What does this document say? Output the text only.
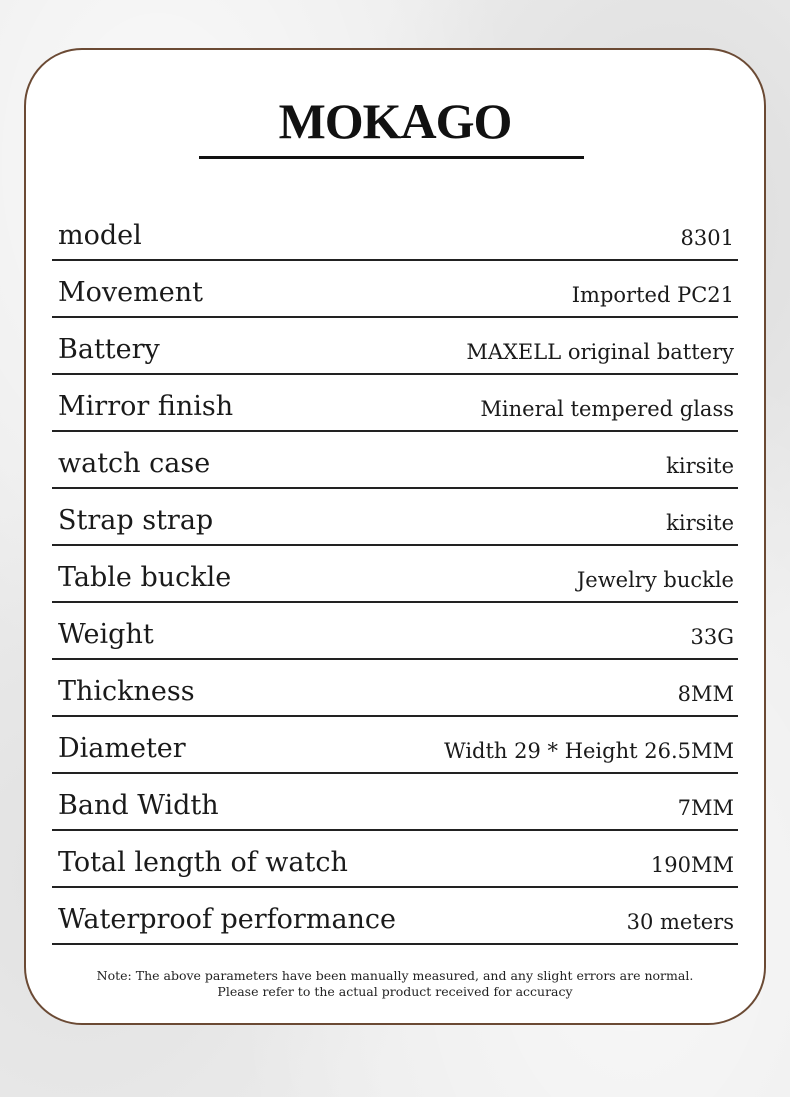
MOKAGO
model	8301
Movement	Imported PC21
Battery	MAXELL original battery
Mirror finish	Mineral tempered glass
watch case	kirsite
Strap strap	kirsite
Table buckle	Jewelry buckle
Weight	33G
Thickness	8MM
Diameter	Width 29 * Height 26.5MM
Band Width	7MM
Total length of watch	190MM
Waterproof performance	30 meters
Note: The above parameters have been manually measured, and any slight errors are normal.
Please refer to the actual product received for accuracy
